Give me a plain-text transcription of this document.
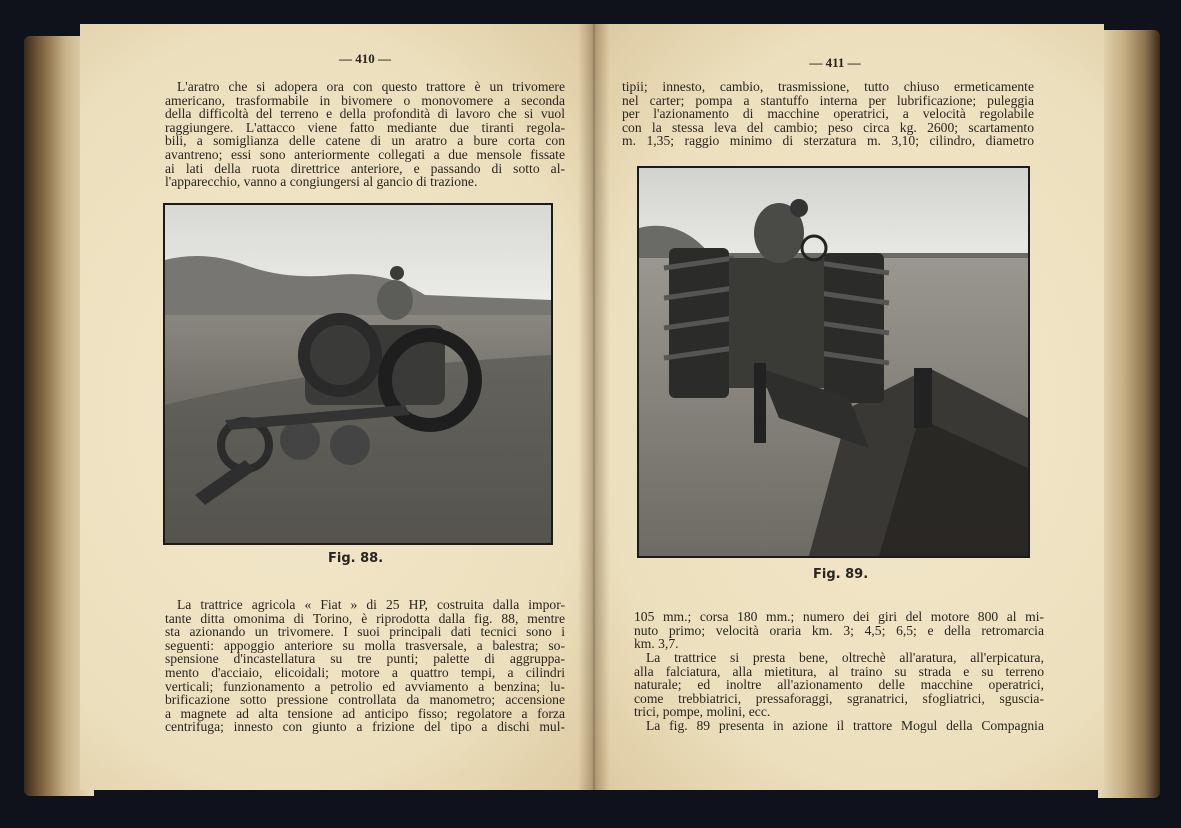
— 410 —
L'aratro che si adopera ora con questo trattore è un trivomere
americano, trasformabile in bivomere o monovomere a seconda
della difficoltà del terreno e della profondità di lavoro che si vuol
raggiungere. L'attacco viene fatto mediante due tiranti regola-
bili, a somiglianza delle catene di un aratro a bure corta con
avantreno; essi sono anteriormente collegati a due mensole fissate
ai lati della ruota direttrice anteriore, e passando di sotto al-
l'apparecchio, vanno a congiungersi al gancio di trazione.
Fig. 88.
La trattrice agricola « Fiat » di 25 HP, costruita dalla impor-
tante ditta omonima di Torino, è riprodotta dalla fig. 88, mentre
sta azionando un trivomere. I suoi principali dati tecnici sono i
seguenti: appoggio anteriore su molla trasversale, a balestra; so-
spensione d'incastellatura su tre punti; palette di aggruppa-
mento d'acciaio, elicoidali; motore a quattro tempi, a cilindri
verticali; funzionamento a petrolio ed avviamento a benzina; lu-
brificazione sotto pressione controllata da manometro; accensione
a magnete ad alta tensione ad anticipo fisso; regolatore a forza
centrifuga; innesto con giunto a frizione del tipo a dischi mul-
— 411 —
tipii; innesto, cambio, trasmissione, tutto chiuso ermeticamente
nel carter; pompa a stantuffo interna per lubrificazione; puleggia
per l'azionamento di macchine operatrici, a velocità regolabile
con la stessa leva del cambio; peso circa kg. 2600; scartamento
m. 1,35; raggio minimo di sterzatura m. 3,10; cilindro, diametro
Fig. 89.
105 mm.; corsa 180 mm.; numero dei giri del motore 800 al mi-
nuto primo; velocità oraria km. 3; 4,5; 6,5; e della retromarcia
km. 3,7.
La trattrice si presta bene, oltrechè all'aratura, all'erpicatura,
alla falciatura, alla mietitura, al traino su strada e su terreno
naturale; ed inoltre all'azionamento delle macchine operatrici,
come trebbiatrici, pressaforaggi, sgranatrici, sfogliatrici, sguscia-
trici, pompe, molini, ecc.
La fig. 89 presenta in azione il trattore Mogul della Compagnia
